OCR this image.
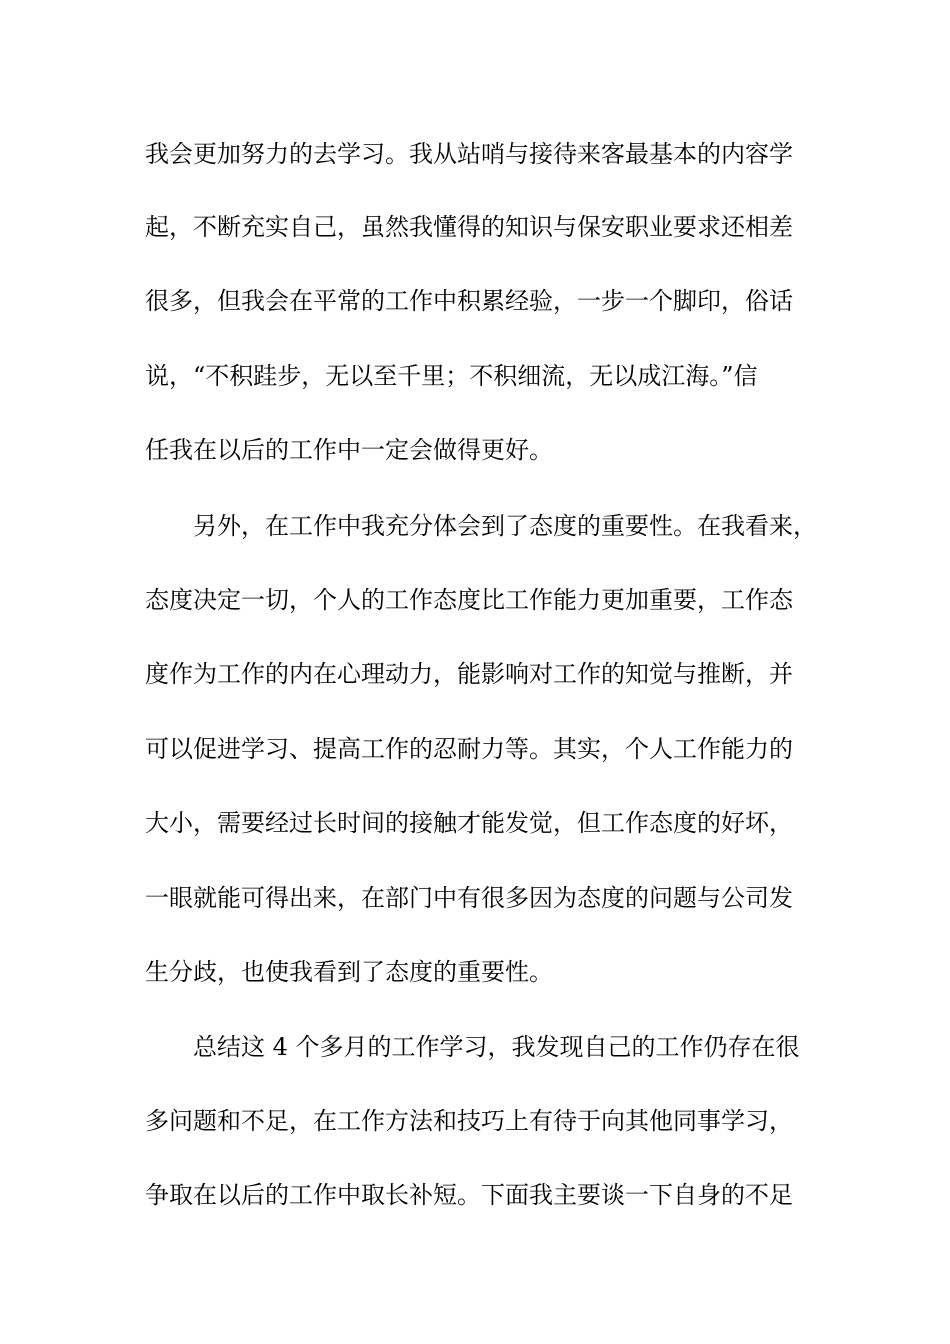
我会更加努力的去学习。我从站哨与接待来客最基本的内容学
起，不断充实自己，虽然我懂得的知识与保安职业要求还相差
很多，但我会在平常的工作中积累经验，一步一个脚印，俗话
说，“不积跬步，无以至千里；不积细流，无以成江海。”信
任我在以后的工作中一定会做得更好。
另外，在工作中我充分体会到了态度的重要性。在我看来，
态度决定一切，个人的工作态度比工作能力更加重要，工作态
度作为工作的内在心理动力，能影响对工作的知觉与推断，并
可以促进学习、提高工作的忍耐力等。其实，个人工作能力的
大小，需要经过长时间的接触才能发觉，但工作态度的好坏，
一眼就能可得出来，在部门中有很多因为态度的问题与公司发
生分歧，也使我看到了态度的重要性。
总结这 4 个多月的工作学习，我发现自己的工作仍存在很
多问题和不足，在工作方法和技巧上有待于向其他同事学习，
争取在以后的工作中取长补短。下面我主要谈一下自身的不足
